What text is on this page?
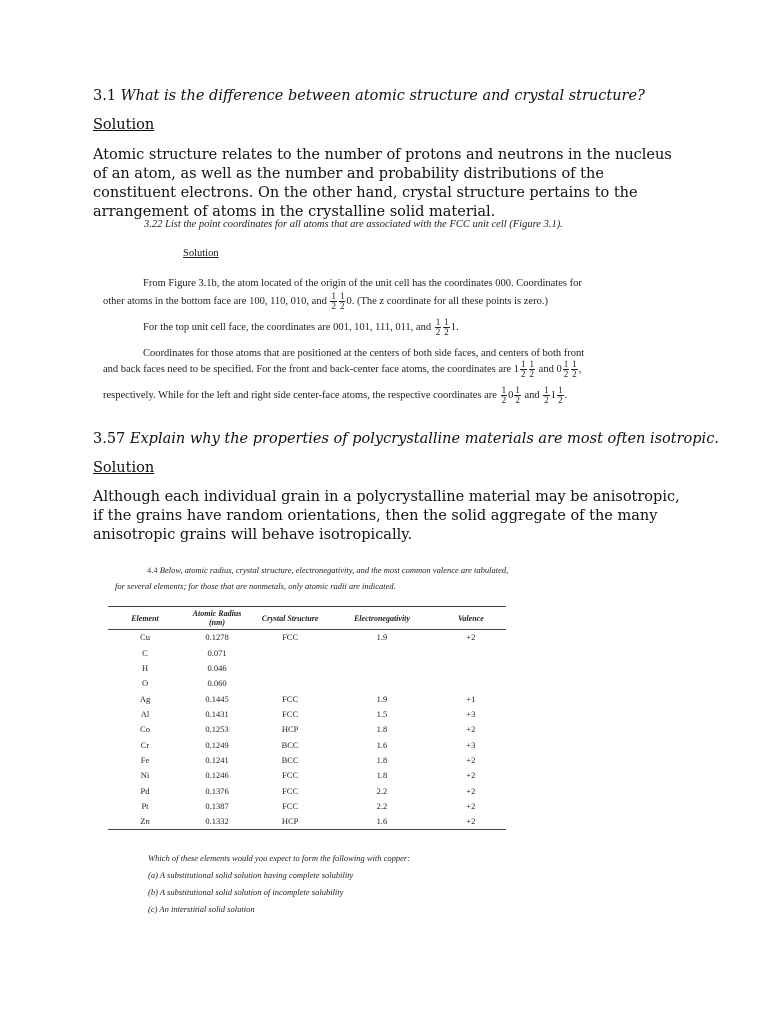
3.1 What is the difference between atomic structure and crystal structure?
Solution
Atomic structure relates to the number of protons and neutrons in the nucleus of an atom, as well as the number and probability distributions of the constituent electrons. On the other hand, crystal structure pertains to the arrangement of atoms in the crystalline solid material.
3.22 List the point coordinates for all atoms that are associated with the FCC unit cell (Figure 3.1).
Solution
From Figure 3.1b, the atom located of the origin of the unit cell has the coordinates 000. Coordinates for
other atoms in the bottom face are 100, 110, 010, and $\frac{1}{2} \frac{1}{2} 0$. (The z coordinate for all these points is zero.)
For the top unit cell face, the coordinates are 001, 101, 111, 011, and $\frac{1}{2} \frac{1}{2} 1$.
Coordinates for those atoms that are positioned at the centers of both side faces, and centers of both front
and back faces need to be specified. For the front and back-center face atoms, the coordinates are $1 \frac{1}{2} \frac{1}{2}$ and $0 \frac{1}{2} \frac{1}{2}$ ,
respectively. While for the left and right side center-face atoms, the respective coordinates are $\frac{1}{2} 0 \frac{1}{2}$ and $\frac{1}{2} 1 \frac{1}{2}$ .
3.57 Explain why the properties of polycrystalline materials are most often isotropic.
Solution
Although each individual grain in a polycrystalline material may be anisotropic, if the grains have random orientations, then the solid aggregate of the many anisotropic grains will behave isotropically.
4.4 Below, atomic radius, crystal structure, electronegativity, and the most common valence are tabulated,
for several elements; for those that are nonmetals, only atomic radii are indicated.
Element	Atomic Radius (nm)	Crystal Structure	Electronegativity	Valence
Cu	0.1278	FCC	1.9	+2
C	0.071			
H	0.046			
O	0.060			
Ag	0.1445	FCC	1.9	+1
Al	0.1431	FCC	1.5	+3
Co	0.1253	HCP	1.8	+2
Cr	0.1249	BCC	1.6	+3
Fe	0.1241	BCC	1.8	+2
Ni	0.1246	FCC	1.8	+2
Pd	0.1376	FCC	2.2	+2
Pt	0.1387	FCC	2.2	+2
Zn	0.1332	HCP	1.6	+2
Which of these elements would you expect to form the following with copper:
(a) A substitutional solid solution having complete solubility
(b) A substitutional solid solution of incomplete solubility
(c) An interstitial solid solution
